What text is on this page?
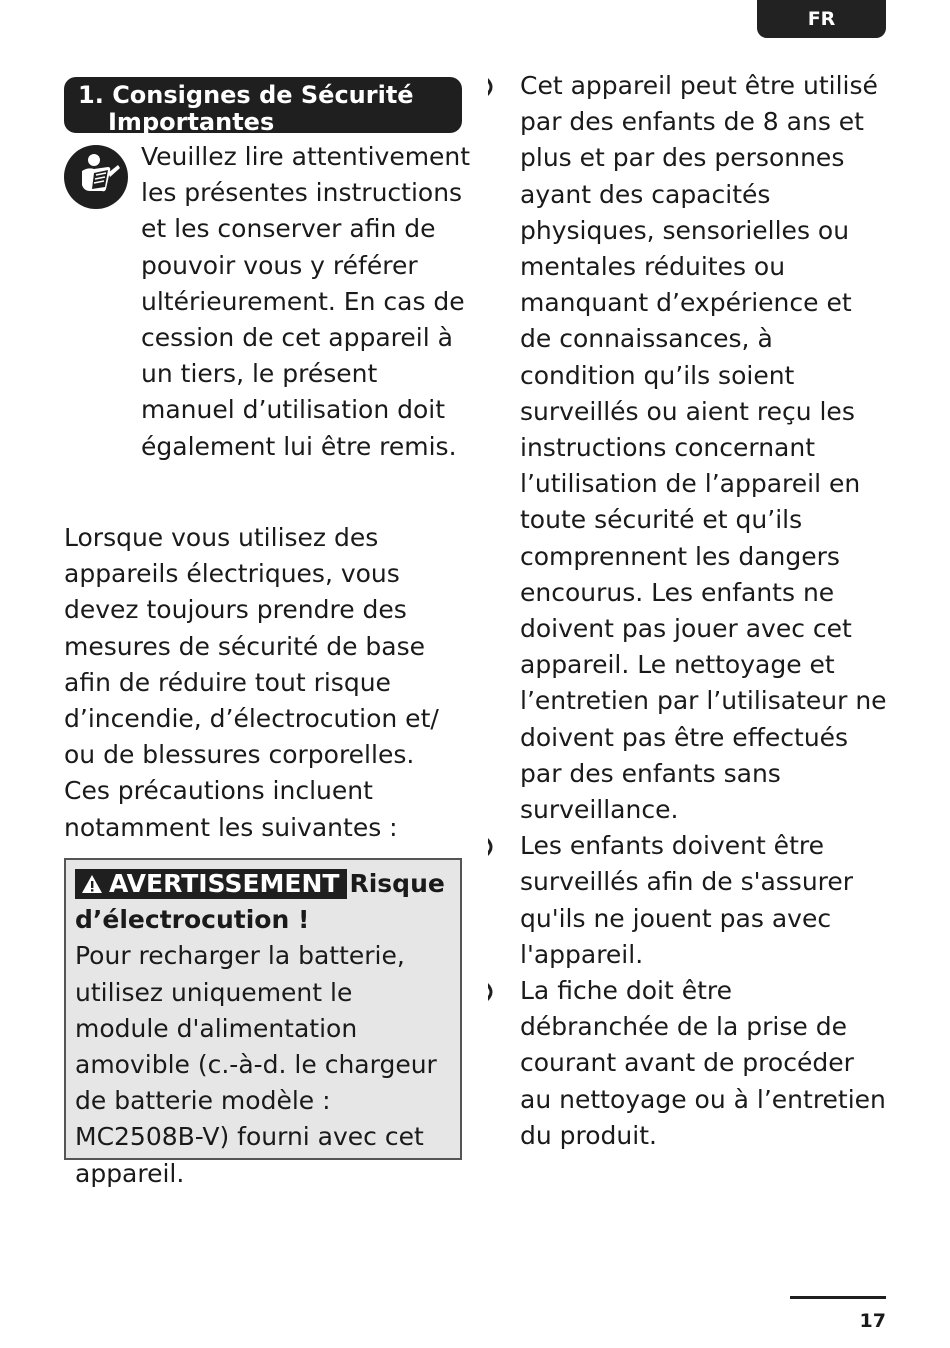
FR
1. Consignes de Sécurité
Importantes

Veuillez lire attentivement les présentes instructions et les conserver afin de pouvoir vous y référer ultérieurement. En cas de cession de cet appareil à un tiers, le présent manuel d’utilisation doit également lui être remis.

Lorsque vous utilisez des appareils électriques, vous devez toujours prendre des mesures de sécurité de base afin de réduire tout risque d’incendie, d’électrocution et/ ou de blessures corporelles. Ces précautions incluent notamment les suivantes :

AVERTISSEMENT Risque d’électrocution !
Pour recharger la batterie, utilisez uniquement le module d'alimentation amovible (c.-à-d. le chargeur de batterie modèle : MC2508B-V) fourni avec cet appareil.

Cet appareil peut être utilisé par des enfants de 8 ans et plus et par des personnes ayant des capacités physiques, sensorielles ou mentales réduites ou manquant d’expérience et de connaissances, à condition qu’ils soient surveillés ou aient reçu les instructions concernant l’utilisation de l’appareil en toute sécurité et qu’ils comprennent les dangers encourus. Les enfants ne doivent pas jouer avec cet appareil. Le nettoyage et l’entretien par l’utilisateur ne doivent pas être effectués par des enfants sans surveillance.

Les enfants doivent être surveillés afin de s'assurer qu'ils ne jouent pas avec l'appareil.

La fiche doit être débranchée de la prise de courant avant de procéder au nettoyage ou à l’entretien du produit.

17
